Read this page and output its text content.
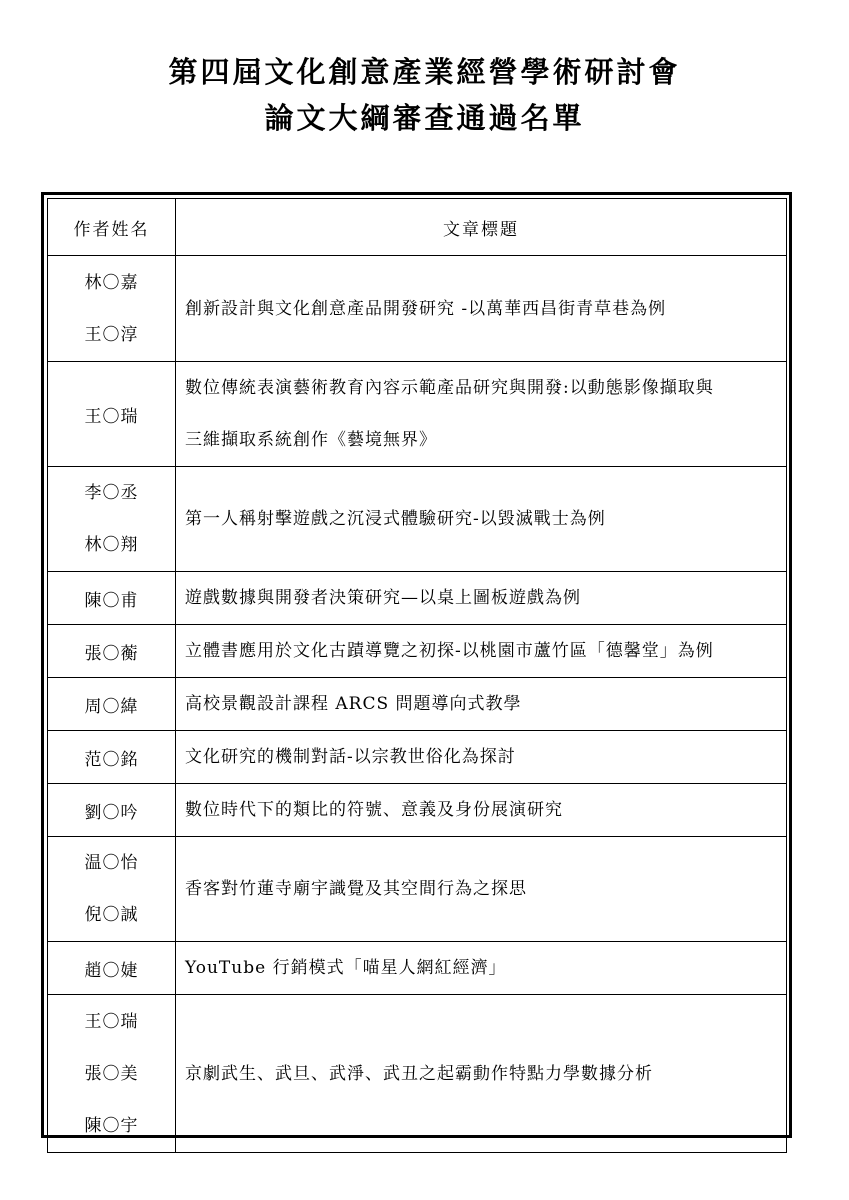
第四屆文化創意產業經營學術研討會
論文大綱審查通過名單
作者姓名	文章標題

林〇嘉
王〇淳	創新設計與文化創意產品開發研究 -以萬華西昌街青草巷為例

王〇瑞	數位傳統表演藝術教育內容示範產品研究與開發:以動態影像擷取與
三維擷取系統創作《藝境無界》

李〇丞
林〇翔	第一人稱射擊遊戲之沉浸式體驗研究-以毀滅戰士為例

陳〇甫	遊戲數據與開發者決策研究—以桌上圖板遊戲為例

張〇蘅	立體書應用於文化古蹟導覽之初探-以桃園市蘆竹區「德馨堂」為例

周〇緯	高校景觀設計課程 ARCS 問題導向式教學

范〇銘	文化研究的機制對話-以宗教世俗化為探討

劉〇吟	數位時代下的類比的符號、意義及身份展演研究

温〇怡
倪〇誠	香客對竹蓮寺廟宇識覺及其空間行為之探思

趙〇婕	YouTube 行銷模式「喵星人網紅經濟」

王〇瑞
張〇美
陳〇宇	京劇武生、武旦、武淨、武丑之起霸動作特點力學數據分析
